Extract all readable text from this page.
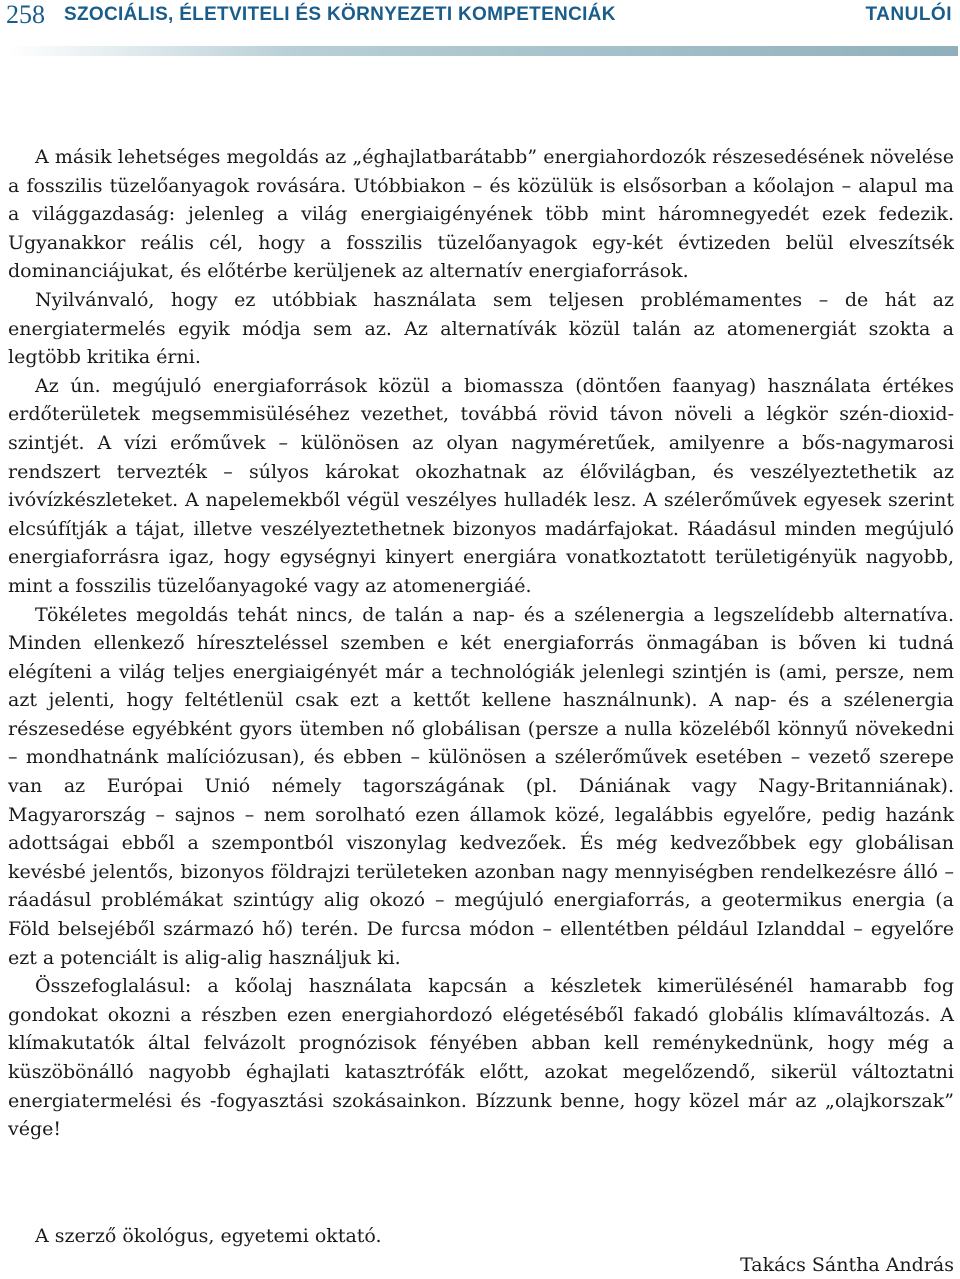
258 SZOCIÁLIS, ÉLETVITELI ÉS KÖRNYEZETI KOMPETENCIÁK	TANULÓI

A másik lehetséges megoldás az „éghajlatbarátabb” energiahordozók részesedésének növelése a fosszilis tüzelőanyagok rovására. Utóbbiakon – és közülük is elsősorban a kőolajon – alapul ma a világgazdaság: jelenleg a világ energiaigényének több mint háromnegyedét ezek fedezik. Ugyanakkor reális cél, hogy a fosszilis tüzelőanyagok egy-két évtizeden belül elveszítsék dominanciájukat, és előtérbe kerüljenek az alternatív energiaforrások.

Nyilvánvaló, hogy ez utóbbiak használata sem teljesen problémamentes – de hát az energiatermelés egyik módja sem az. Az alternatívák közül talán az atomenergiát szokta a legtöbb kritika érni.

Az ún. megújuló energiaforrások közül a biomassza (döntően faanyag) használata értékes erdőterületek megsemmisüléséhez vezethet, továbbá rövid távon növeli a légkör szén-dioxid-szintjét. A vízi erőművek – különösen az olyan nagyméretűek, amilyenre a bős-nagymarosi rendszert tervezték – súlyos károkat okozhatnak az élővilágban, és veszélyeztethetik az ivóvízkészleteket. A napelemekből végül veszélyes hulladék lesz. A szélerőművek egyesek szerint elcsúfítják a tájat, illetve veszélyeztethetnek bizonyos madárfajokat. Ráadásul minden megújuló energiaforrásra igaz, hogy egységnyi kinyert energiára vonatkoztatott területigényük nagyobb, mint a fosszilis tüzelőanyagoké vagy az atomenergiáé.

Tökéletes megoldás tehát nincs, de talán a nap- és a szélenergia a legszelídebb alternatíva. Minden ellenkező híreszteléssel szemben e két energiaforrás önmagában is bőven ki tudná elégíteni a világ teljes energiaigényét már a technológiák jelenlegi szintjén is (ami, persze, nem azt jelenti, hogy feltétlenül csak ezt a kettőt kellene használnunk). A nap- és a szélenergia részesedése egyébként gyors ütemben nő globálisan (persze a nulla közeléből könnyű növekedni – mondhatnánk malíciózusan), és ebben – különösen a szélerőművek esetében – vezető szerepe van az Európai Unió némely tagországának (pl. Dániának vagy Nagy-Britanniának). Magyarország – sajnos – nem sorolható ezen államok közé, legalábbis egyelőre, pedig hazánk adottságai ebből a szempontból viszonylag kedvezőek. És még kedvezőbbek egy globálisan kevésbé jelentős, bizonyos földrajzi területeken azonban nagy mennyiségben rendelkezésre álló – ráadásul problémákat szintúgy alig okozó – megújuló energiaforrás, a geotermikus energia (a Föld belsejéből származó hő) terén. De furcsa módon – ellentétben például Izlanddal – egyelőre ezt a potenciált is alig-alig használjuk ki.

Összefoglalásul: a kőolaj használata kapcsán a készletek kimerülésénél hamarabb fog gondokat okozni a részben ezen energiahordozó elégetéséből fakadó globális klímaváltozás. A klímakutatók által felvázolt prognózisok fényében abban kell reménykednünk, hogy még a küszöbönálló nagyobb éghajlati katasztrófák előtt, azokat megelőzendő, sikerül változtatni energiatermelési és -fogyasztási szokásainkon. Bízzunk benne, hogy közel már az „olajkorszak” vége!

A szerző ökológus, egyetemi oktató.
Takács Sántha András
